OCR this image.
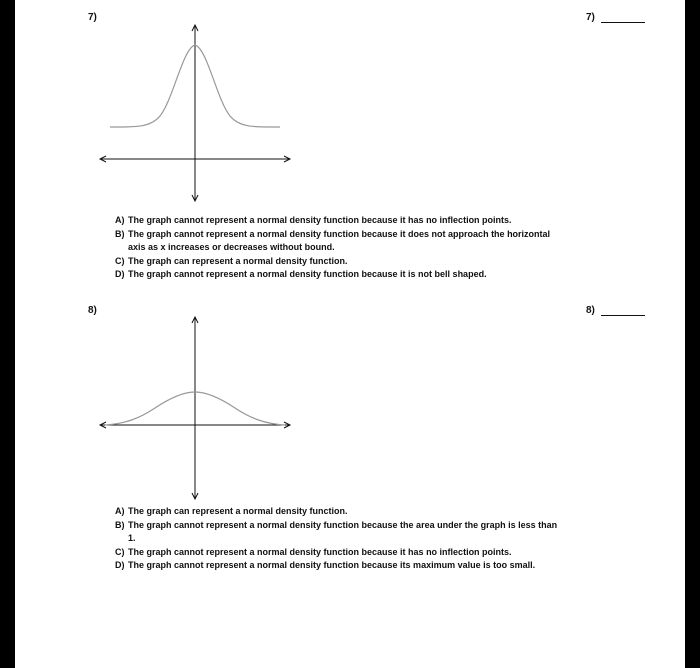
7)	7)
A) The graph cannot represent a normal density function because it has no inflection points.
B) The graph cannot represent a normal density function because it does not approach the horizontal axis as x increases or decreases without bound.
C) The graph can represent a normal density function.
D) The graph cannot represent a normal density function because it is not bell shaped.
8)	8)
A) The graph can represent a normal density function.
B) The graph cannot represent a normal density function because the area under the graph is less than 1.
C) The graph cannot represent a normal density function because it has no inflection points.
D) The graph cannot represent a normal density function because its maximum value is too small.
